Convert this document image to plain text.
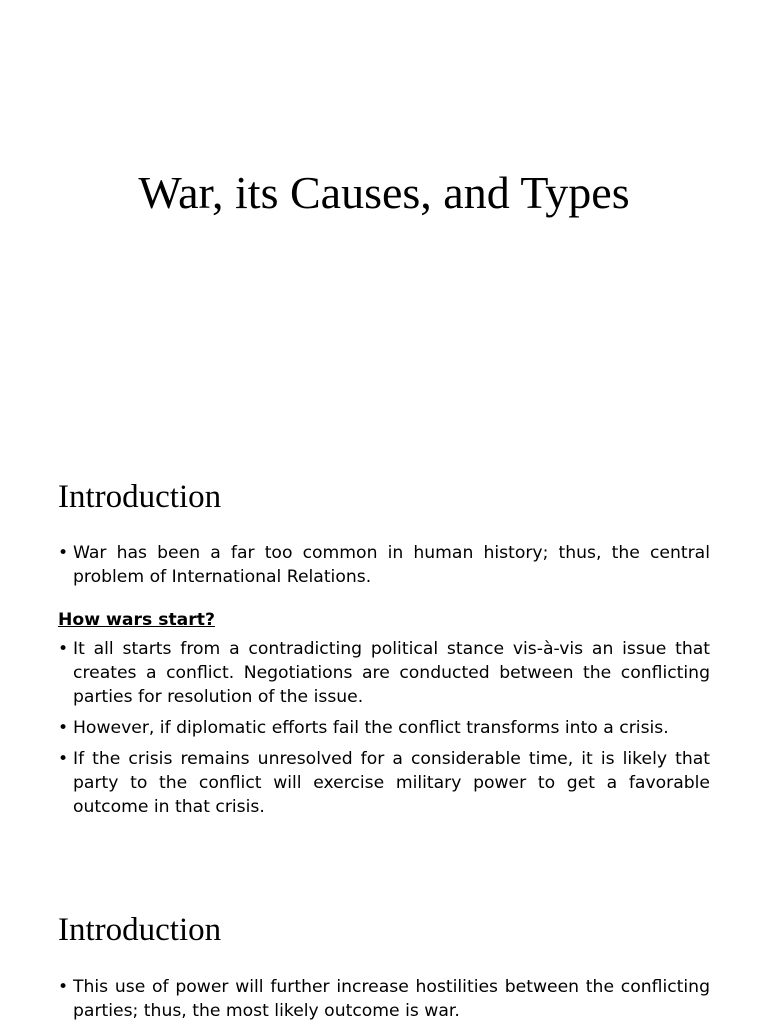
War, its Causes, and Types
Introduction
• War has been a far too common in human history; thus, the central problem of International Relations.
How wars start?
• It all starts from a contradicting political stance vis-à-vis an issue that creates a conflict. Negotiations are conducted between the conflicting parties for resolution of the issue.
• However, if diplomatic efforts fail the conflict transforms into a crisis.
• If the crisis remains unresolved for a considerable time, it is likely that party to the conflict will exercise military power to get a favorable outcome in that crisis.
Introduction
• This use of power will further increase hostilities between the conflicting parties; thus, the most likely outcome is war.
